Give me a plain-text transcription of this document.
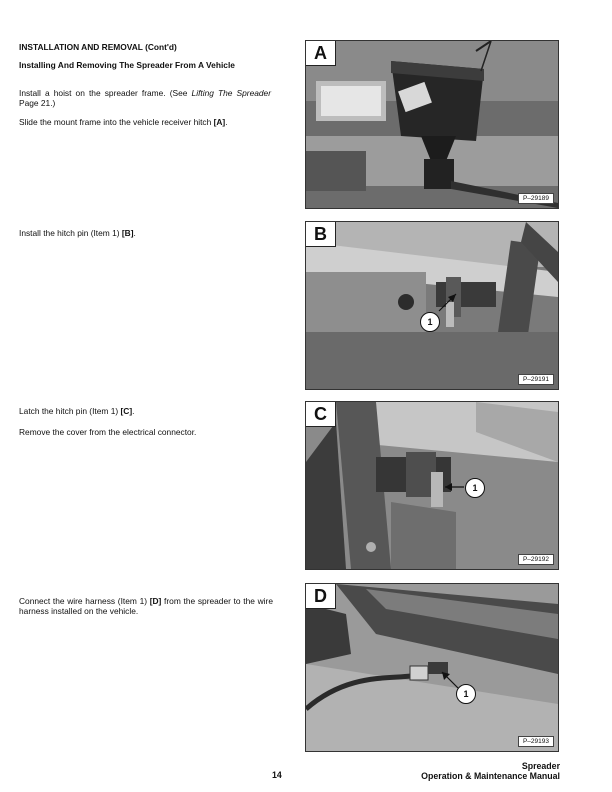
INSTALLATION AND REMOVAL (Cont'd)
Installing And Removing The Spreader From A Vehicle
Install a hoist on the spreader frame. (See Lifting The Spreader Page 21.)
Slide the mount frame into the vehicle receiver hitch [A].
Install the hitch pin (Item 1) [B].
Latch the hitch pin (Item 1) [C].
Remove the cover from the electrical connector.
Connect the wire harness (Item 1) [D] from the spreader to the wire harness installed on the vehicle.
A
P–29189
B
1
P–29191
C
1
P–29192
D
1
P–29193
14
Spreader
Operation & Maintenance Manual
